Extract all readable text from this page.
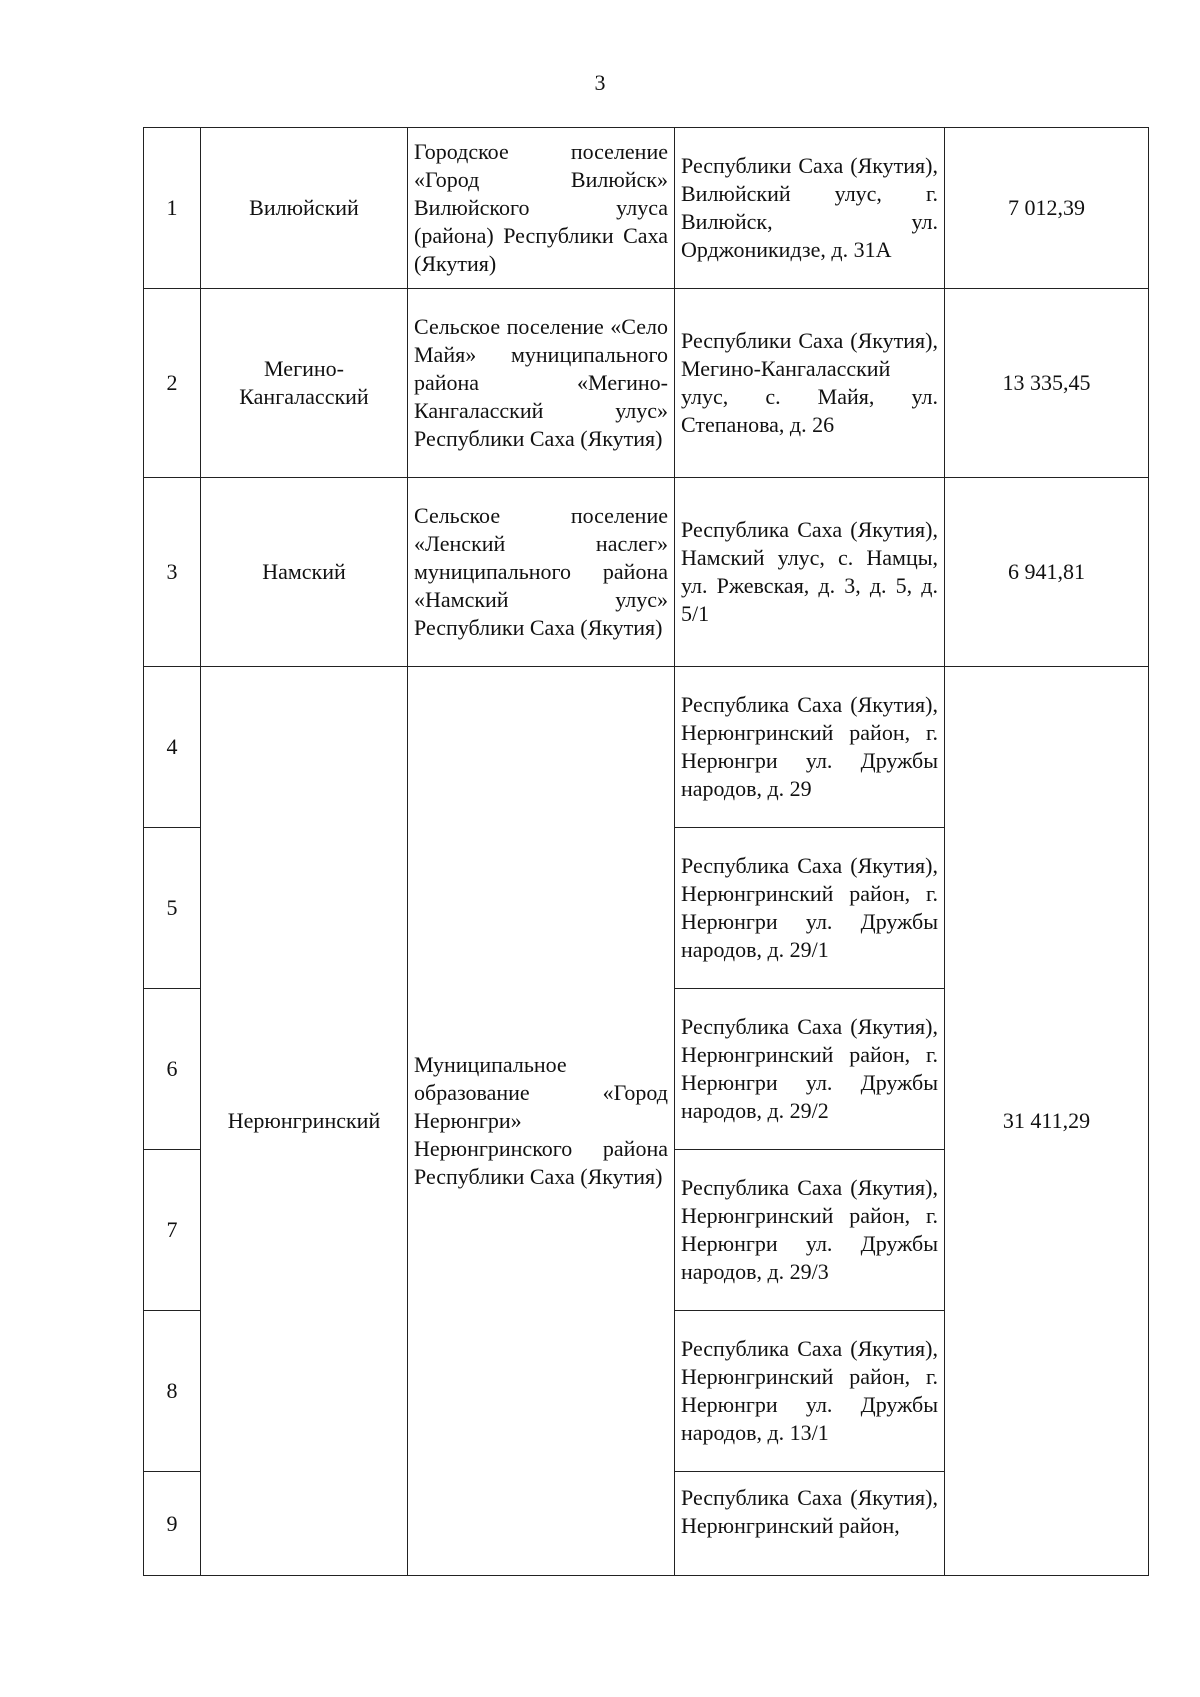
3
1	Вилюйский	Городское поселение «Город Вилюйск» Вилюйского улуса (района) Республики Саха (Якутия)	Республики Саха (Якутия), Вилюйский улус, г. Вилюйск, ул. Орджоникидзе, д. 31А	7 012,39
2	Мегино-Кангаласский	Сельское поселение «Село Майя» муниципального района «Мегино-Кангаласский улус» Республики Саха (Якутия)	Республики Саха (Якутия), Мегино-Кангаласский улус, с. Майя, ул. Степанова, д. 26	13 335,45
3	Намский	Сельское поселение «Ленский наслег» муниципального района «Намский улус» Республики Саха (Якутия)	Республика Саха (Якутия), Намский улус, с. Намцы, ул. Ржевская, д. 3, д. 5, д. 5/1	6 941,81
4	Нерюнгринский	Муниципальное образование «Город Нерюнгри» Нерюнгринского района Республики Саха (Якутия)	Республика Саха (Якутия), Нерюнгринский район, г. Нерюнгри ул. Дружбы народов, д. 29	31 411,29
5			Республика Саха (Якутия), Нерюнгринский район, г. Нерюнгри ул. Дружбы народов, д. 29/1	
6			Республика Саха (Якутия), Нерюнгринский район, г. Нерюнгри ул. Дружбы народов, д. 29/2	
7			Республика Саха (Якутия), Нерюнгринский район, г. Нерюнгри ул. Дружбы народов, д. 29/3	
8			Республика Саха (Якутия), Нерюнгринский район, г. Нерюнгри ул. Дружбы народов, д. 13/1	
9			Республика Саха (Якутия), Нерюнгринский район,	
